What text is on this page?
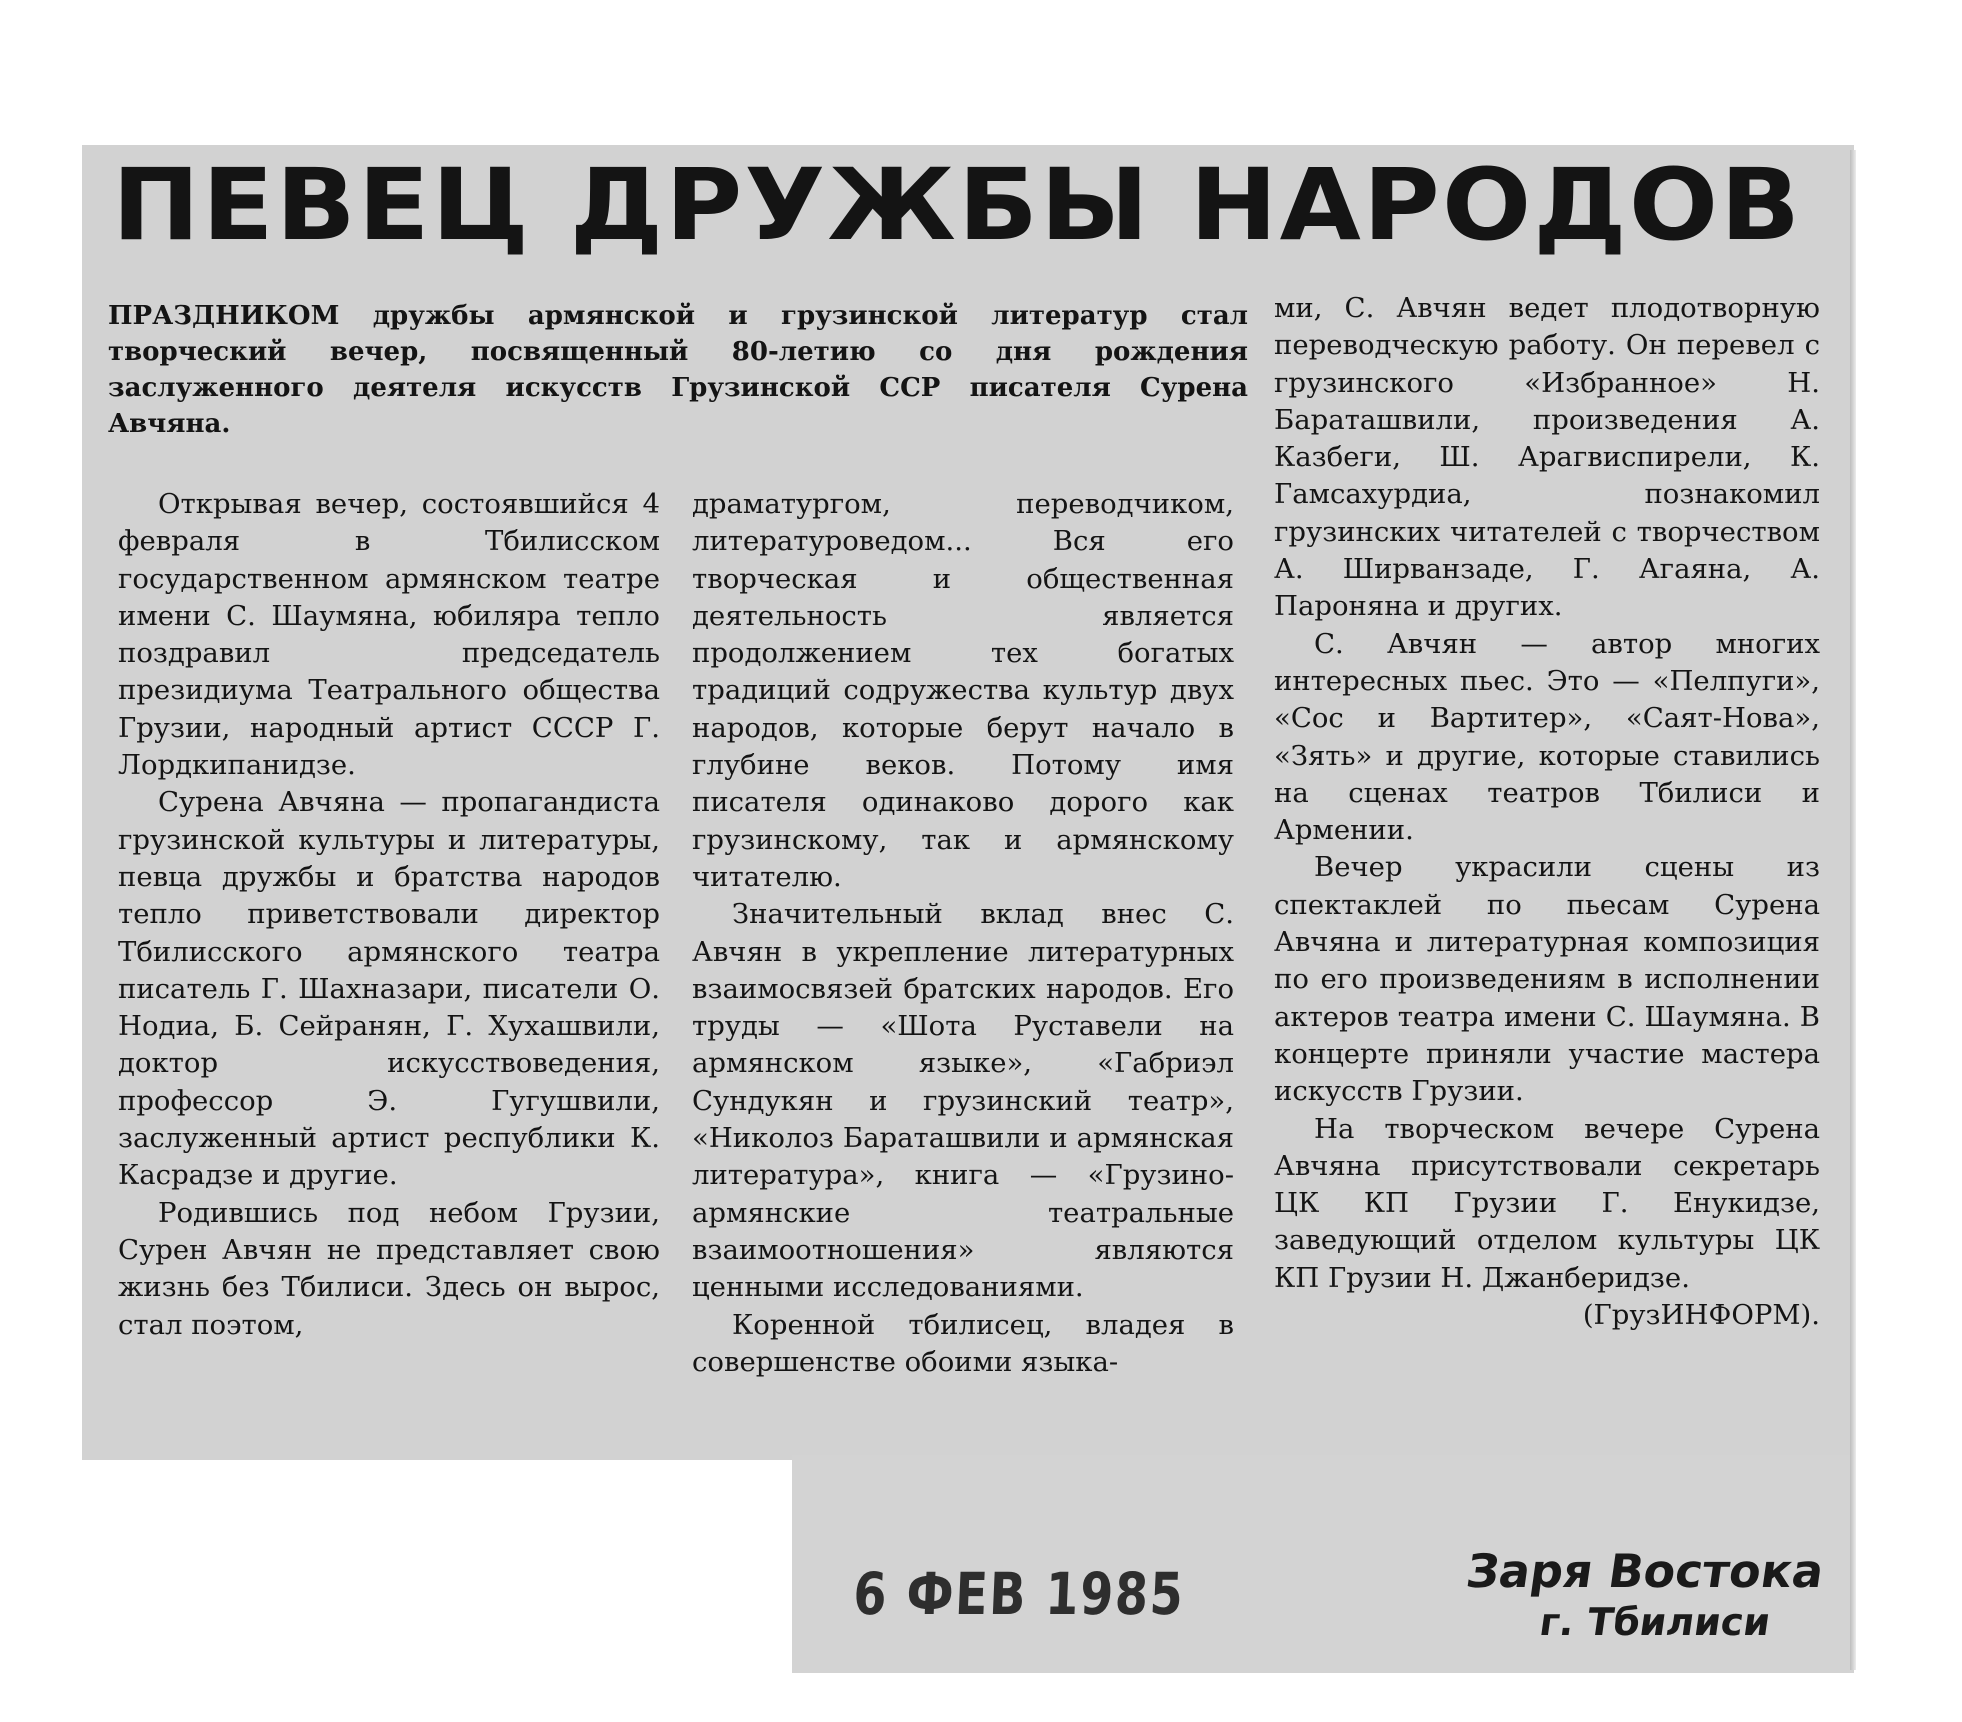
ПЕВЕЦ ДРУЖБЫ НАРОДОВ
ПРАЗДНИКОМ дружбы армянской и грузинской литератур стал творческий вечер, посвященный 80-летию со дня рождения заслуженного деятеля искусств Грузинской ССР писателя Сурена Авчяна.

Открывая вечер, состоявшийся 4 февраля в Тбилисском государственном армянском театре имени С. Шаумяна, юбиляра тепло поздравил председатель президиума Театрального общества Грузии, народный артист СССР Г. Лордкипанидзе.

Сурена Авчяна — пропагандиста грузинской культуры и литературы, певца дружбы и братства народов тепло приветствовали директор Тбилисского армянского театра писатель Г. Шахназари, писатели О. Нодиа, Б. Сейранян, Г. Хухашвили, доктор искусствоведения, профессор Э. Гугушвили, заслуженный артист республики К. Касрадзе и другие.

Родившись под небом Грузии, Сурен Авчян не представляет свою жизнь без Тбилиси. Здесь он вырос, стал поэтом,

драматургом, переводчиком, литературоведом... Вся его творческая и общественная деятельность является продолжением тех богатых традиций содружества культур двух народов, которые берут начало в глубине веков. Потому имя писателя одинаково дорого как грузинскому, так и армянскому читателю.

Значительный вклад внес С. Авчян в укрепление литературных взаимосвязей братских народов. Его труды — «Шота Руставели на армянском языке», «Габриэл Сундукян и грузинский театр», «Николоз Бараташвили и армянская литература», книга — «Грузино-армянские театральные взаимоотношения» являются ценными исследованиями.

Коренной тбилисец, владея в совершенстве обоими языка-

ми, С. Авчян ведет плодотворную переводческую работу. Он перевел с грузинского «Избранное» Н. Бараташвили, произведения А. Казбеги, Ш. Арагвиспирели, К. Гамсахурдиа, познакомил грузинских читателей с творчеством А. Ширванзаде, Г. Агаяна, А. Пароняна и других.

С. Авчян — автор многих интересных пьес. Это — «Пелпуги», «Сос и Вартитер», «Саят-Нова», «Зять» и другие, которые ставились на сценах театров Тбилиси и Армении.

Вечер украсили сцены из спектаклей по пьесам Сурена Авчяна и литературная композиция по его произведениям в исполнении актеров театра имени С. Шаумяна. В концерте приняли участие мастера искусств Грузии.

На творческом вечере Сурена Авчяна присутствовали секретарь ЦК КП Грузии Г. Енукидзе, заведующий отделом культуры ЦК КП Грузии Н. Джанберидзе.

(ГрузИНФОРМ).

6 ФЕВ 1985	Заря Востока
г. Тбилиси
